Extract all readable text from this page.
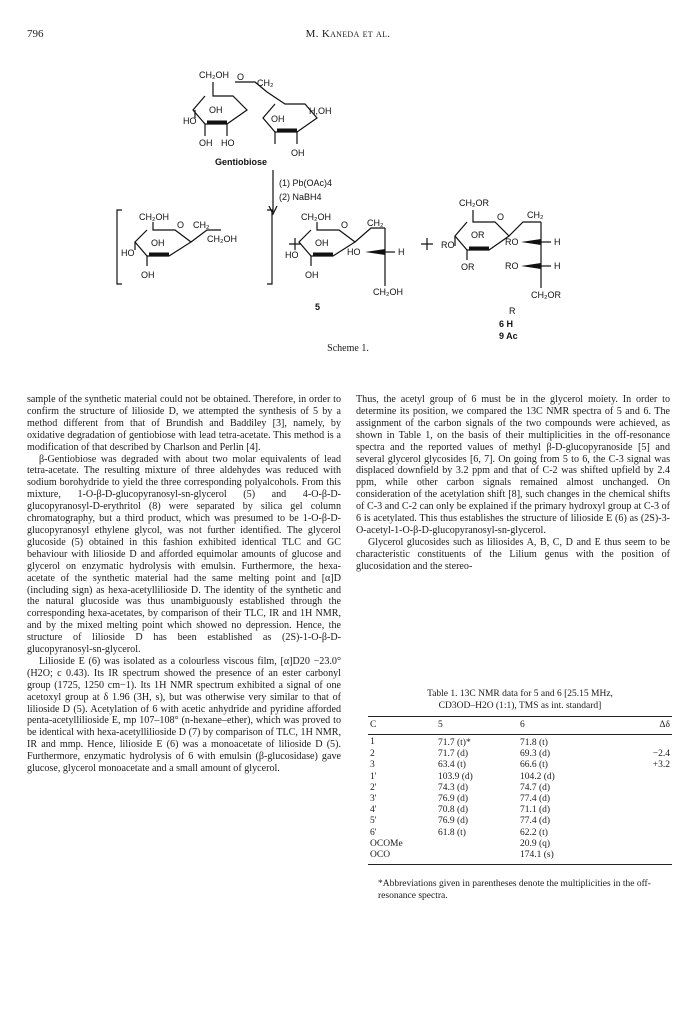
796	M. Kaneda et al.
CH₂OH O
CH₂
OH
HO
OH HO
OH
H,OH
OH
Gentiobiose
(1) Pb(OAc)4
(2) NaBH4
CH₂OH
O CH₂
CH₂OH
OH
HO
OH
CH₂OH
O CH₂
OH
HO	HO	H
OH
CH₂OH
5
CH₂OR
O	CH₂
OR
RO
OR
RO	H
RO	H
CH₂OR
R
6 H
9 Ac
Scheme 1.

sample of the synthetic material could not be obtained. Therefore, in order to confirm the structure of lilioside D, we attempted the synthesis of 5 by a method different from that of Brundish and Baddiley [3], namely, by oxidative degradation of gentiobiose with lead tetra-acetate. This method is a modification of that described by Charlson and Perlin [4].

β-Gentiobiose was degraded with about two molar equivalents of lead tetra-acetate. The resulting mixture of three aldehydes was reduced with sodium borohydride to yield the three corresponding polyalcohols. From this mixture, 1-O-β-D-glucopyranosyl-sn-glycerol (5) and 4-O-β-D-glucopyranosyl-D-erythritol (8) were separated by silica gel column chromatography, but a third product, which was presumed to be 1-O-β-D-glucopyranosyl ethylene glycol, was not further identified. The glycerol glucoside (5) obtained in this fashion exhibited identical TLC and GC behaviour with lilioside D and afforded equimolar amounts of glucose and glycerol on enzymatic hydrolysis with emulsin. Furthermore, the hexa-acetate of the synthetic material had the same melting point and [α]D (including sign) as hexa-acetyllilioside D. The identity of the synthetic and the natural glucoside was thus unambiguously established through the corresponding hexa-acetates, by comparison of their TLC, IR and 1H NMR, and by the mixed melting point which showed no depression. Hence, the structure of lilioside D has been established as (2S)-1-O-β-D-glucopyranosyl-sn-glycerol.

Lilioside E (6) was isolated as a colourless viscous film, [α]D20 −23.0° (H2O; c 0.43). Its IR spectrum showed the presence of an ester carbonyl group (1725, 1250 cm−1). Its 1H NMR spectrum exhibited a signal of one acetoxyl group at δ 1.96 (3H, s), but was otherwise very similar to that of lilioside D (5). Acetylation of 6 with acetic anhydride and pyridine afforded penta-acetyllilioside E, mp 107–108° (n-hexane–ether), which was proved to be identical with hexa-acetyllilioside D (7) by comparison of TLC, 1H NMR, IR and mmp. Hence, lilioside E (6) was a monoacetate of lilioside D (5). Furthermore, enzymatic hydrolysis of 6 with emulsin (β-glucosidase) gave glucose, glycerol monoacetate and a small amount of glycerol.

Thus, the acetyl group of 6 must be in the glycerol moiety. In order to determine its position, we compared the 13C NMR spectra of 5 and 6. The assignment of the carbon signals of the two compounds were achieved, as shown in Table 1, on the basis of their multiplicities in the off-resonance spectra and the reported values of methyl β-D-glucopyranoside [5] and several glycerol glycosides [6, 7]. On going from 5 to 6, the C-3 signal was displaced downfield by 3.2 ppm and that of C-2 was shifted upfield by 2.4 ppm, while other carbon signals remained almost unchanged. On consideration of the acetylation shift [8], such changes in the chemical shifts of C-3 and C-2 can only be explained if the primary hydroxyl group at C-3 of 6 is acetylated. This thus establishes the structure of lilioside E (6) as (2S)-3-O-acetyl-1-O-β-D-glucopyranosyl-sn-glycerol.

Glycerol glucosides such as liliosides A, B, C, D and E thus seem to be characteristic constituents of the Lilium genus with the position of glucosidation and the stereo-

Table 1. 13C NMR data for 5 and 6 [25.15 MHz,
CD3OD–H2O (1:1), TMS as int. standard]
C	5	6	Δδ
1	71.7 (t)*	71.8 (t)	
2	71.7 (d)	69.3 (d)	−2.4
3	63.4 (t)	66.6 (t)	+3.2
1'	103.9 (d)	104.2 (d)	
2'	74.3 (d)	74.7 (d)	
3'	76.9 (d)	77.4 (d)	
4'	70.8 (d)	71.1 (d)	
5'	76.9 (d)	77.4 (d)	
6'	61.8 (t)	62.2 (t)	
OCOMe		20.9 (q)	
OCO		174.1 (s)	
*Abbreviations given in parentheses denote the multiplicities in the off-resonance spectra.
